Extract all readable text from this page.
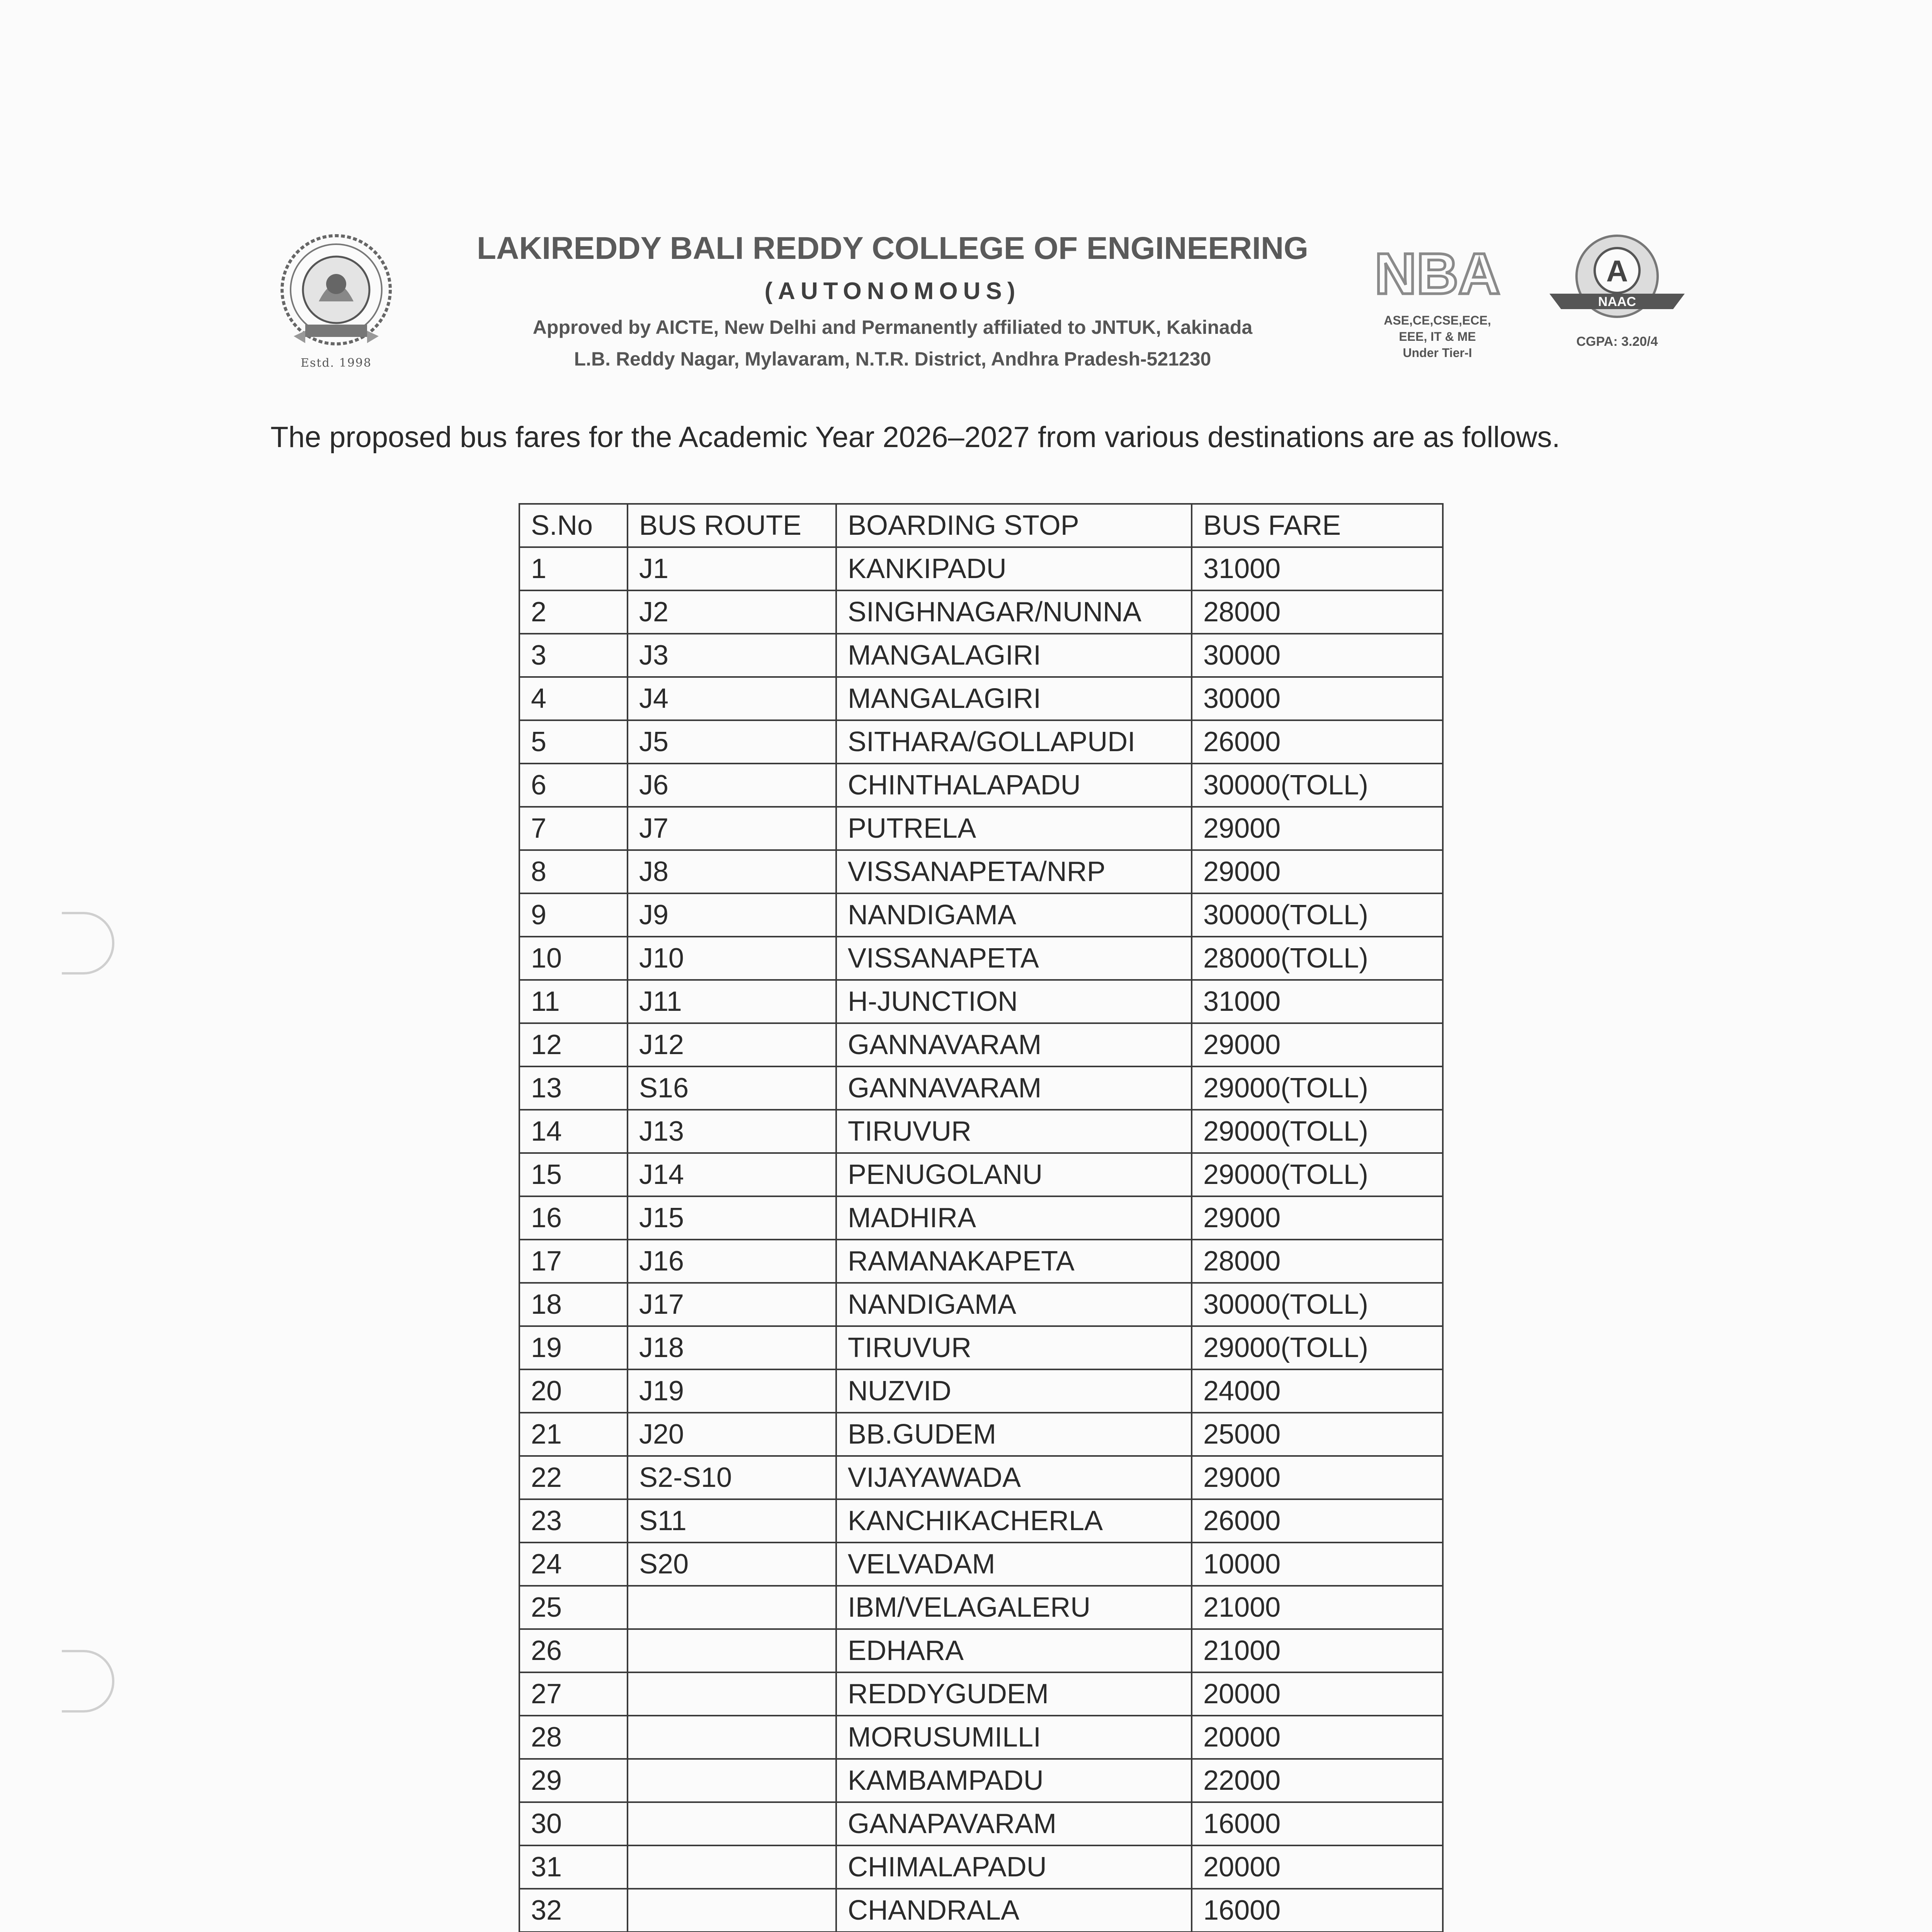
Estd. 1998
LAKIREDDY BALI REDDY COLLEGE OF ENGINEERING
(AUTONOMOUS)
Approved by AICTE, New Delhi and Permanently affiliated to JNTUK, Kakinada
L.B. Reddy Nagar, Mylavaram, N.T.R. District, Andhra Pradesh-521230
NBA
ASE,CE,CSE,ECE,
EEE, IT & ME
Under Tier-I
A
NAAC
CGPA: 3.20/4
The proposed bus fares for the Academic Year 2026–2027 from various destinations are as follows.
S.No	BUS ROUTE	BOARDING STOP	BUS FARE
1	J1	KANKIPADU	31000
2	J2	SINGHNAGAR/NUNNA	28000
3	J3	MANGALAGIRI	30000
4	J4	MANGALAGIRI	30000
5	J5	SITHARA/GOLLAPUDI	26000
6	J6	CHINTHALAPADU	30000(TOLL)
7	J7	PUTRELA	29000
8	J8	VISSANAPETA/NRP	29000
9	J9	NANDIGAMA	30000(TOLL)
10	J10	VISSANAPETA	28000(TOLL)
11	J11	H-JUNCTION	31000
12	J12	GANNAVARAM	29000
13	S16	GANNAVARAM	29000(TOLL)
14	J13	TIRUVUR	29000(TOLL)
15	J14	PENUGOLANU	29000(TOLL)
16	J15	MADHIRA	29000
17	J16	RAMANAKAPETA	28000
18	J17	NANDIGAMA	30000(TOLL)
19	J18	TIRUVUR	29000(TOLL)
20	J19	NUZVID	24000
21	J20	BB.GUDEM	25000
22	S2-S10	VIJAYAWADA	29000
23	S11	KANCHIKACHERLA	26000
24	S20	VELVADAM	10000
25		IBM/VELAGALERU	21000
26		EDHARA	21000
27		REDDYGUDEM	20000
28		MORUSUMILLI	20000
29		KAMBAMPADU	22000
30		GANAPAVARAM	16000
31		CHIMALAPADU	20000
32		CHANDRALA	16000
